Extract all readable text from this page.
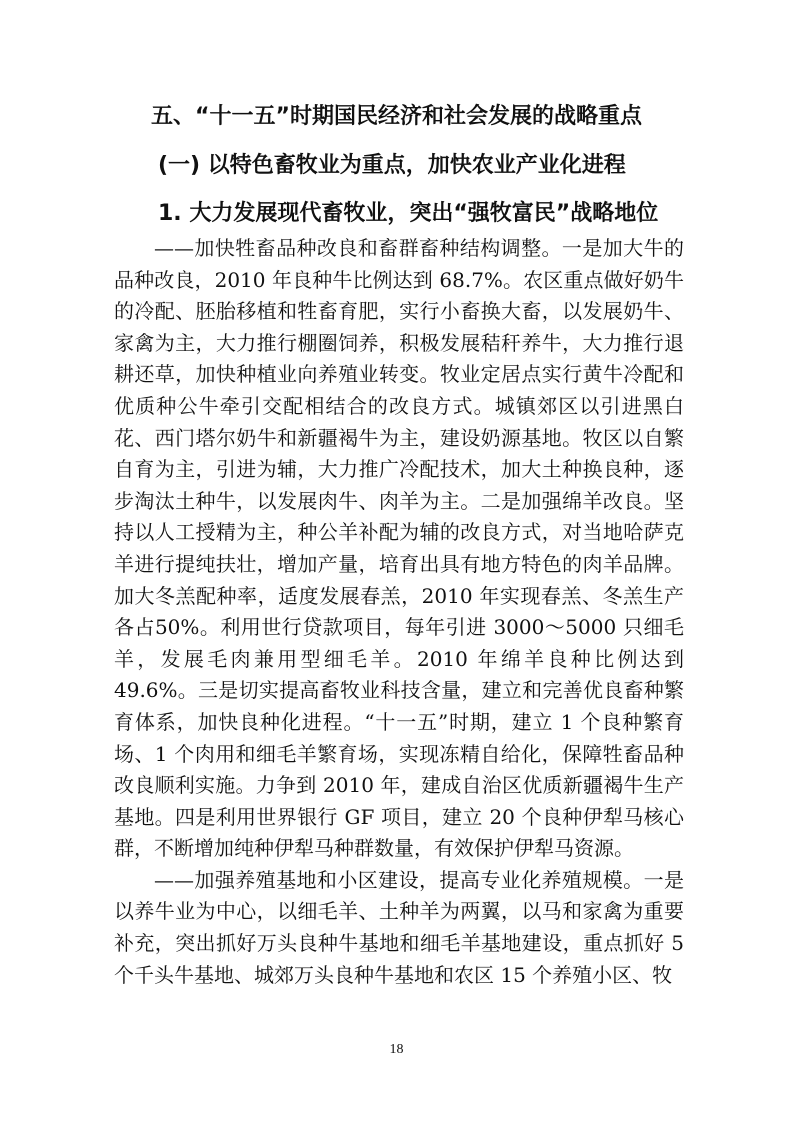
五、“十一五”时期国民经济和社会发展的战略重点
(一) 以特色畜牧业为重点，加快农业产业化进程
1. 大力发展现代畜牧业，突出“强牧富民”战略地位

——加快牲畜品种改良和畜群畜种结构调整。一是加大牛的品种改良，2010 年良种牛比例达到 68.7%。农区重点做好奶牛的冷配、胚胎移植和牲畜育肥，实行小畜换大畜，以发展奶牛、家禽为主，大力推行棚圈饲养，积极发展秸秆养牛，大力推行退耕还草，加快种植业向养殖业转变。牧业定居点实行黄牛冷配和优质种公牛牵引交配相结合的改良方式。城镇郊区以引进黑白花、西门塔尔奶牛和新疆褐牛为主，建设奶源基地。牧区以自繁自育为主，引进为辅，大力推广冷配技术，加大土种换良种，逐步淘汰土种牛，以发展肉牛、肉羊为主。二是加强绵羊改良。坚持以人工授精为主，种公羊补配为辅的改良方式，对当地哈萨克羊进行提纯扶壮，增加产量，培育出具有地方特色的肉羊品牌。加大冬羔配种率，适度发展春羔，2010 年实现春羔、冬羔生产各占50%。利用世行贷款项目，每年引进 3000～5000 只细毛羊，发展毛肉兼用型细毛羊。2010 年绵羊良种比例达到 49.6%。三是切实提高畜牧业科技含量，建立和完善优良畜种繁育体系，加快良种化进程。“十一五”时期，建立 1 个良种繁育场、1 个肉用和细毛羊繁育场，实现冻精自给化，保障牲畜品种改良顺利实施。力争到 2010 年，建成自治区优质新疆褐牛生产基地。四是利用世界银行 GF 项目，建立 20 个良种伊犁马核心群，不断增加纯种伊犁马种群数量，有效保护伊犁马资源。

——加强养殖基地和小区建设，提高专业化养殖规模。一是以养牛业为中心，以细毛羊、土种羊为两翼，以马和家禽为重要补充，突出抓好万头良种牛基地和细毛羊基地建设，重点抓好 5 个千头牛基地、城郊万头良种牛基地和农区 15 个养殖小区、牧

18
